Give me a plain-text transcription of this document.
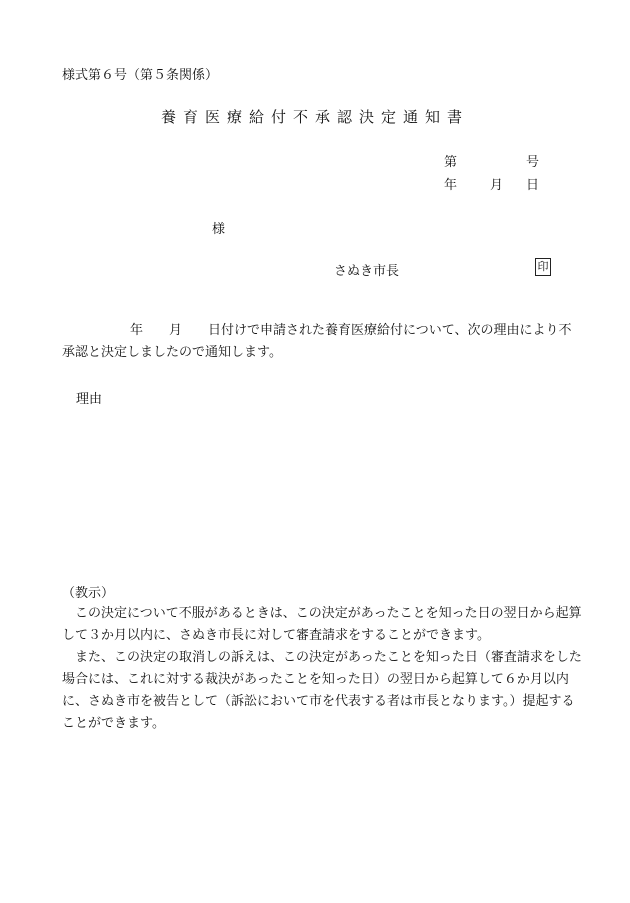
様式第６号（第５条関係）
養育医療給付不承認決定通知書
第	号
年	月 日
様
さぬき市長	印
年 月 日付けで申請された養育医療給付について、次の理由により不承認と決定しましたので通知します。
理由
（教示）
この決定について不服があるときは、この決定があったことを知った日の翌日から起算して３か月以内に、さぬき市長に対して審査請求をすることができます。
また、この決定の取消しの訴えは、この決定があったことを知った日（審査請求をした場合には、これに対する裁決があったことを知った日）の翌日から起算して６か月以内に、さぬき市を被告として（訴訟において市を代表する者は市長となります。）提起することができます。
